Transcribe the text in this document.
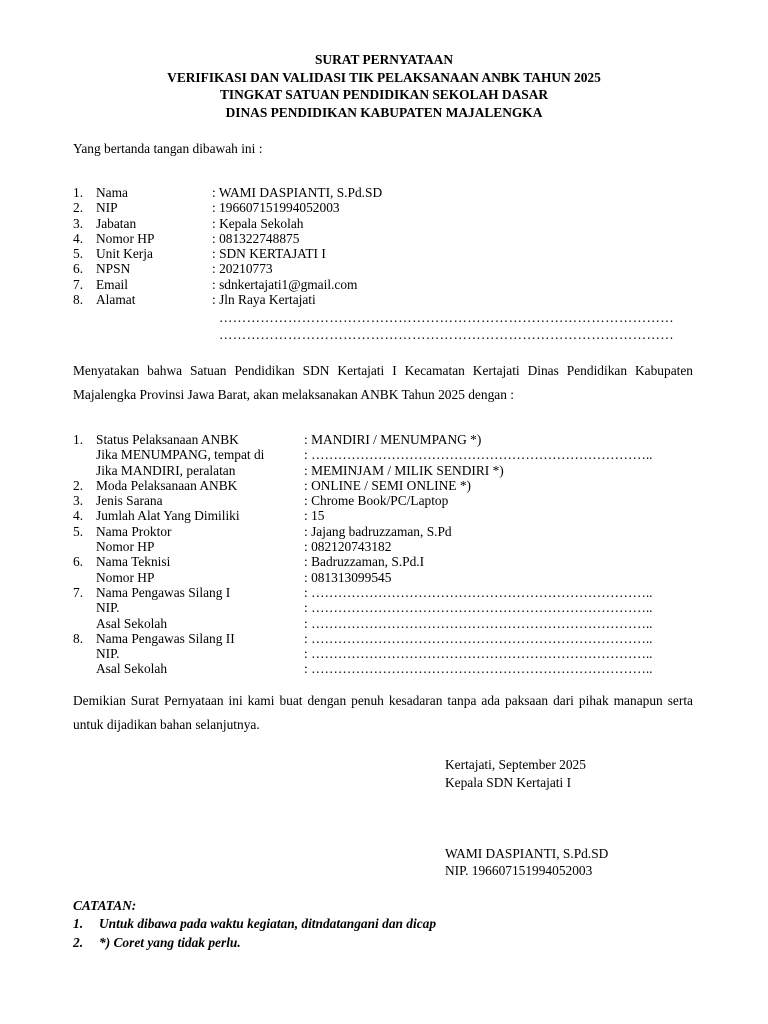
SURAT PERNYATAAN
VERIFIKASI DAN VALIDASI TIK PELAKSANAAN ANBK TAHUN 2025
TINGKAT SATUAN PENDIDIKAN SEKOLAH DASAR
DINAS PENDIDIKAN KABUPATEN MAJALENGKA
Yang bertanda tangan dibawah ini :
1. Nama	: WAMI DASPIANTI, S.Pd.SD
2. NIP	: 196607151994052003
3. Jabatan	: Kepala Sekolah
4. Nomor HP	: 081322748875
5. Unit Kerja	: SDN KERTAJATI I
6. NPSN	: 20210773
7. Email	: sdnkertajati1@gmail.com
8. Alamat	: Jln Raya Kertajati
………………………………………………………………………………………
………………………………………………………………………………………
Menyatakan bahwa Satuan Pendidikan SDN Kertajati I Kecamatan Kertajati Dinas Pendidikan Kabupaten Majalengka Provinsi Jawa Barat, akan melaksanakan ANBK Tahun 2025 dengan :
1. Status Pelaksanaan ANBK	: MANDIRI / MENUMPANG *)
Jika MENUMPANG, tempat di	: …………………………………………………………………..
Jika MANDIRI, peralatan	: MEMINJAM / MILIK SENDIRI *)
2. Moda Pelaksanaan ANBK	: ONLINE / SEMI ONLINE *)
3. Jenis Sarana	: Chrome Book/PC/Laptop
4. Jumlah Alat Yang Dimiliki	: 15
5. Nama Proktor	: Jajang badruzzaman, S.Pd
Nomor HP	: 082120743182
6. Nama Teknisi	: Badruzzaman, S.Pd.I
Nomor HP	: 081313099545
7. Nama Pengawas Silang I	: …………………………………………………………………..
NIP.	: …………………………………………………………………..
Asal Sekolah	: …………………………………………………………………..
8. Nama Pengawas Silang II	: …………………………………………………………………..
NIP.	: …………………………………………………………………..
Asal Sekolah	: …………………………………………………………………..
Demikian Surat Pernyataan ini kami buat dengan penuh kesadaran tanpa ada paksaan dari pihak manapun serta untuk dijadikan bahan selanjutnya.
Kertajati, September 2025
Kepala SDN Kertajati I
WAMI DASPIANTI, S.Pd.SD
NIP. 196607151994052003
CATATAN:
1. Untuk dibawa pada waktu kegiatan, ditndatangani dan dicap
2. *) Coret yang tidak perlu.
